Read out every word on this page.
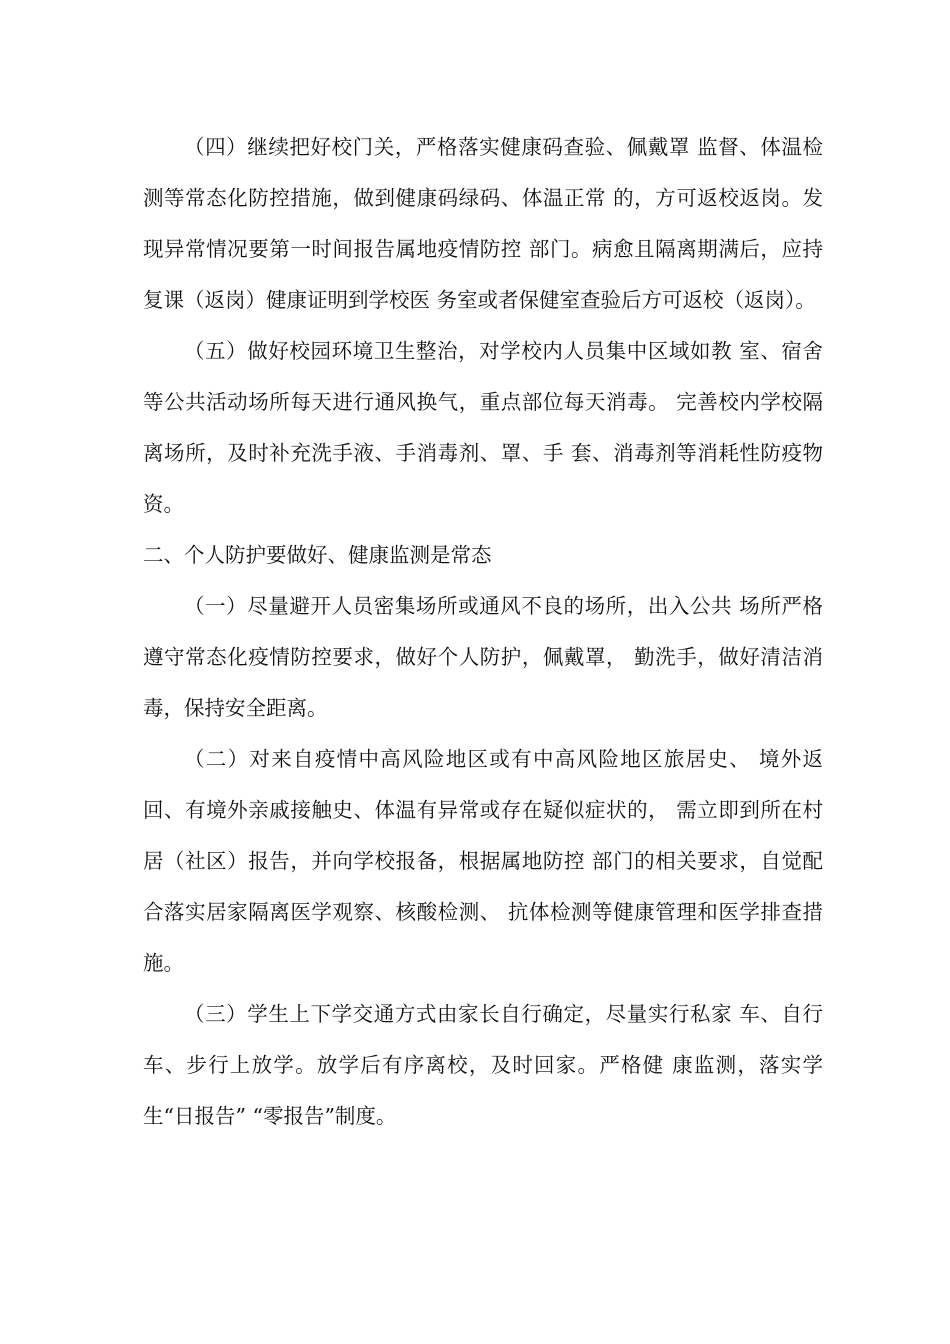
（四）继续把好校门关，严格落实健康码查验、佩戴罩 监督、体温检测等常态化防控措施，做到健康码绿码、体温正常 的，方可返校返岗。发现异常情况要第一时间报告属地疫情防控 部门。病愈且隔离期满后，应持复课（返岗）健康证明到学校医 务室或者保健室查验后方可返校（返岗）。

（五）做好校园环境卫生整治，对学校内人员集中区域如教 室、宿舍等公共活动场所每天进行通风换气，重点部位每天消毒。 完善校内学校隔离场所，及时补充洗手液、手消毒剂、罩、手 套、消毒剂等消耗性防疫物资。

二、个人防护要做好、健康监测是常态

（一）尽量避开人员密集场所或通风不良的场所，出入公共 场所严格遵守常态化疫情防控要求，做好个人防护，佩戴罩， 勤洗手，做好清洁消毒，保持安全距离。

（二）对来自疫情中高风险地区或有中高风险地区旅居史、 境外返回、有境外亲戚接触史、体温有异常或存在疑似症状的， 需立即到所在村居（社区）报告，并向学校报备，根据属地防控 部门的相关要求，自觉配合落实居家隔离医学观察、核酸检测、 抗体检测等健康管理和医学排查措施。

（三）学生上下学交通方式由家长自行确定，尽量实行私家 车、自行车、步行上放学。放学后有序离校，及时回家。严格健 康监测，落实学生“日报告” “零报告”制度。
